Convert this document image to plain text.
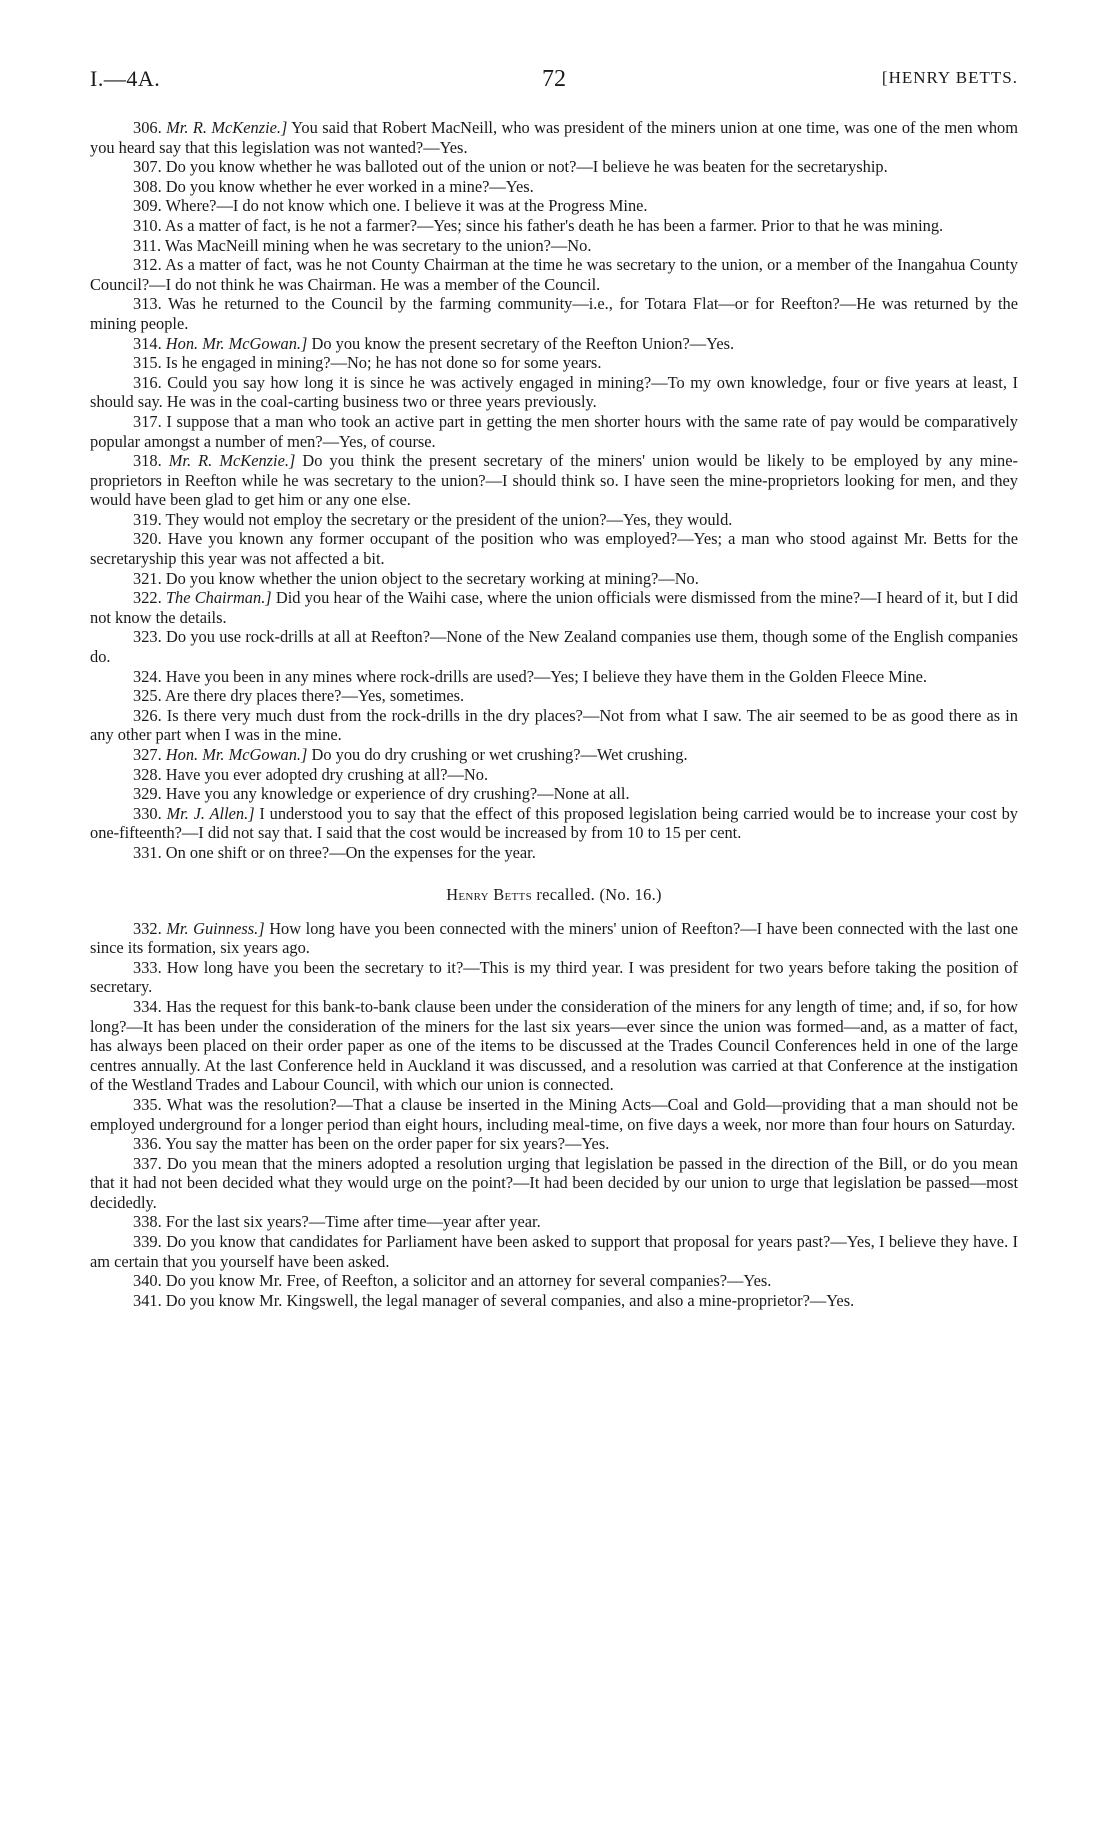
I.—4A.	72	[HENRY BETTS.

306. Mr. R. McKenzie.] You said that Robert MacNeill, who was president of the miners union at one time, was one of the men whom you heard say that this legislation was not wanted?—Yes.

307. Do you know whether he was balloted out of the union or not?—I believe he was beaten for the secretaryship.

308. Do you know whether he ever worked in a mine?—Yes.

309. Where?—I do not know which one. I believe it was at the Progress Mine.

310. As a matter of fact, is he not a farmer?—Yes; since his father's death he has been a farmer. Prior to that he was mining.

311. Was MacNeill mining when he was secretary to the union?—No.

312. As a matter of fact, was he not County Chairman at the time he was secretary to the union, or a member of the Inangahua County Council?—I do not think he was Chairman. He was a member of the Council.

313. Was he returned to the Council by the farming community—i.e., for Totara Flat—or for Reefton?—He was returned by the mining people.

314. Hon. Mr. McGowan.] Do you know the present secretary of the Reefton Union?—Yes.

315. Is he engaged in mining?—No; he has not done so for some years.

316. Could you say how long it is since he was actively engaged in mining?—To my own knowledge, four or five years at least, I should say. He was in the coal-carting business two or three years previously.

317. I suppose that a man who took an active part in getting the men shorter hours with the same rate of pay would be comparatively popular amongst a number of men?—Yes, of course.

318. Mr. R. McKenzie.] Do you think the present secretary of the miners' union would be likely to be employed by any mine-proprietors in Reefton while he was secretary to the union?—I should think so. I have seen the mine-proprietors looking for men, and they would have been glad to get him or any one else.

319. They would not employ the secretary or the president of the union?—Yes, they would.

320. Have you known any former occupant of the position who was employed?—Yes; a man who stood against Mr. Betts for the secretaryship this year was not affected a bit.

321. Do you know whether the union object to the secretary working at mining?—No.

322. The Chairman.] Did you hear of the Waihi case, where the union officials were dismissed from the mine?—I heard of it, but I did not know the details.

323. Do you use rock-drills at all at Reefton?—None of the New Zealand companies use them, though some of the English companies do.

324. Have you been in any mines where rock-drills are used?—Yes; I believe they have them in the Golden Fleece Mine.

325. Are there dry places there?—Yes, sometimes.

326. Is there very much dust from the rock-drills in the dry places?—Not from what I saw. The air seemed to be as good there as in any other part when I was in the mine.

327. Hon. Mr. McGowan.] Do you do dry crushing or wet crushing?—Wet crushing.

328. Have you ever adopted dry crushing at all?—No.

329. Have you any knowledge or experience of dry crushing?—None at all.

330. Mr. J. Allen.] I understood you to say that the effect of this proposed legislation being carried would be to increase your cost by one-fifteenth?—I did not say that. I said that the cost would be increased by from 10 to 15 per cent.

331. On one shift or on three?—On the expenses for the year.

Henry Betts recalled. (No. 16.)

332. Mr. Guinness.] How long have you been connected with the miners' union of Reefton?—I have been connected with the last one since its formation, six years ago.

333. How long have you been the secretary to it?—This is my third year. I was president for two years before taking the position of secretary.

334. Has the request for this bank-to-bank clause been under the consideration of the miners for any length of time; and, if so, for how long?—It has been under the consideration of the miners for the last six years—ever since the union was formed—and, as a matter of fact, has always been placed on their order paper as one of the items to be discussed at the Trades Council Conferences held in one of the large centres annually. At the last Conference held in Auckland it was discussed, and a resolution was carried at that Conference at the instigation of the Westland Trades and Labour Council, with which our union is connected.

335. What was the resolution?—That a clause be inserted in the Mining Acts—Coal and Gold—providing that a man should not be employed underground for a longer period than eight hours, including meal-time, on five days a week, nor more than four hours on Saturday.

336. You say the matter has been on the order paper for six years?—Yes.

337. Do you mean that the miners adopted a resolution urging that legislation be passed in the direction of the Bill, or do you mean that it had not been decided what they would urge on the point?—It had been decided by our union to urge that legislation be passed—most decidedly.

338. For the last six years?—Time after time—year after year.

339. Do you know that candidates for Parliament have been asked to support that proposal for years past?—Yes, I believe they have. I am certain that you yourself have been asked.

340. Do you know Mr. Free, of Reefton, a solicitor and an attorney for several companies?—Yes.

341. Do you know Mr. Kingswell, the legal manager of several companies, and also a mine-proprietor?—Yes.
